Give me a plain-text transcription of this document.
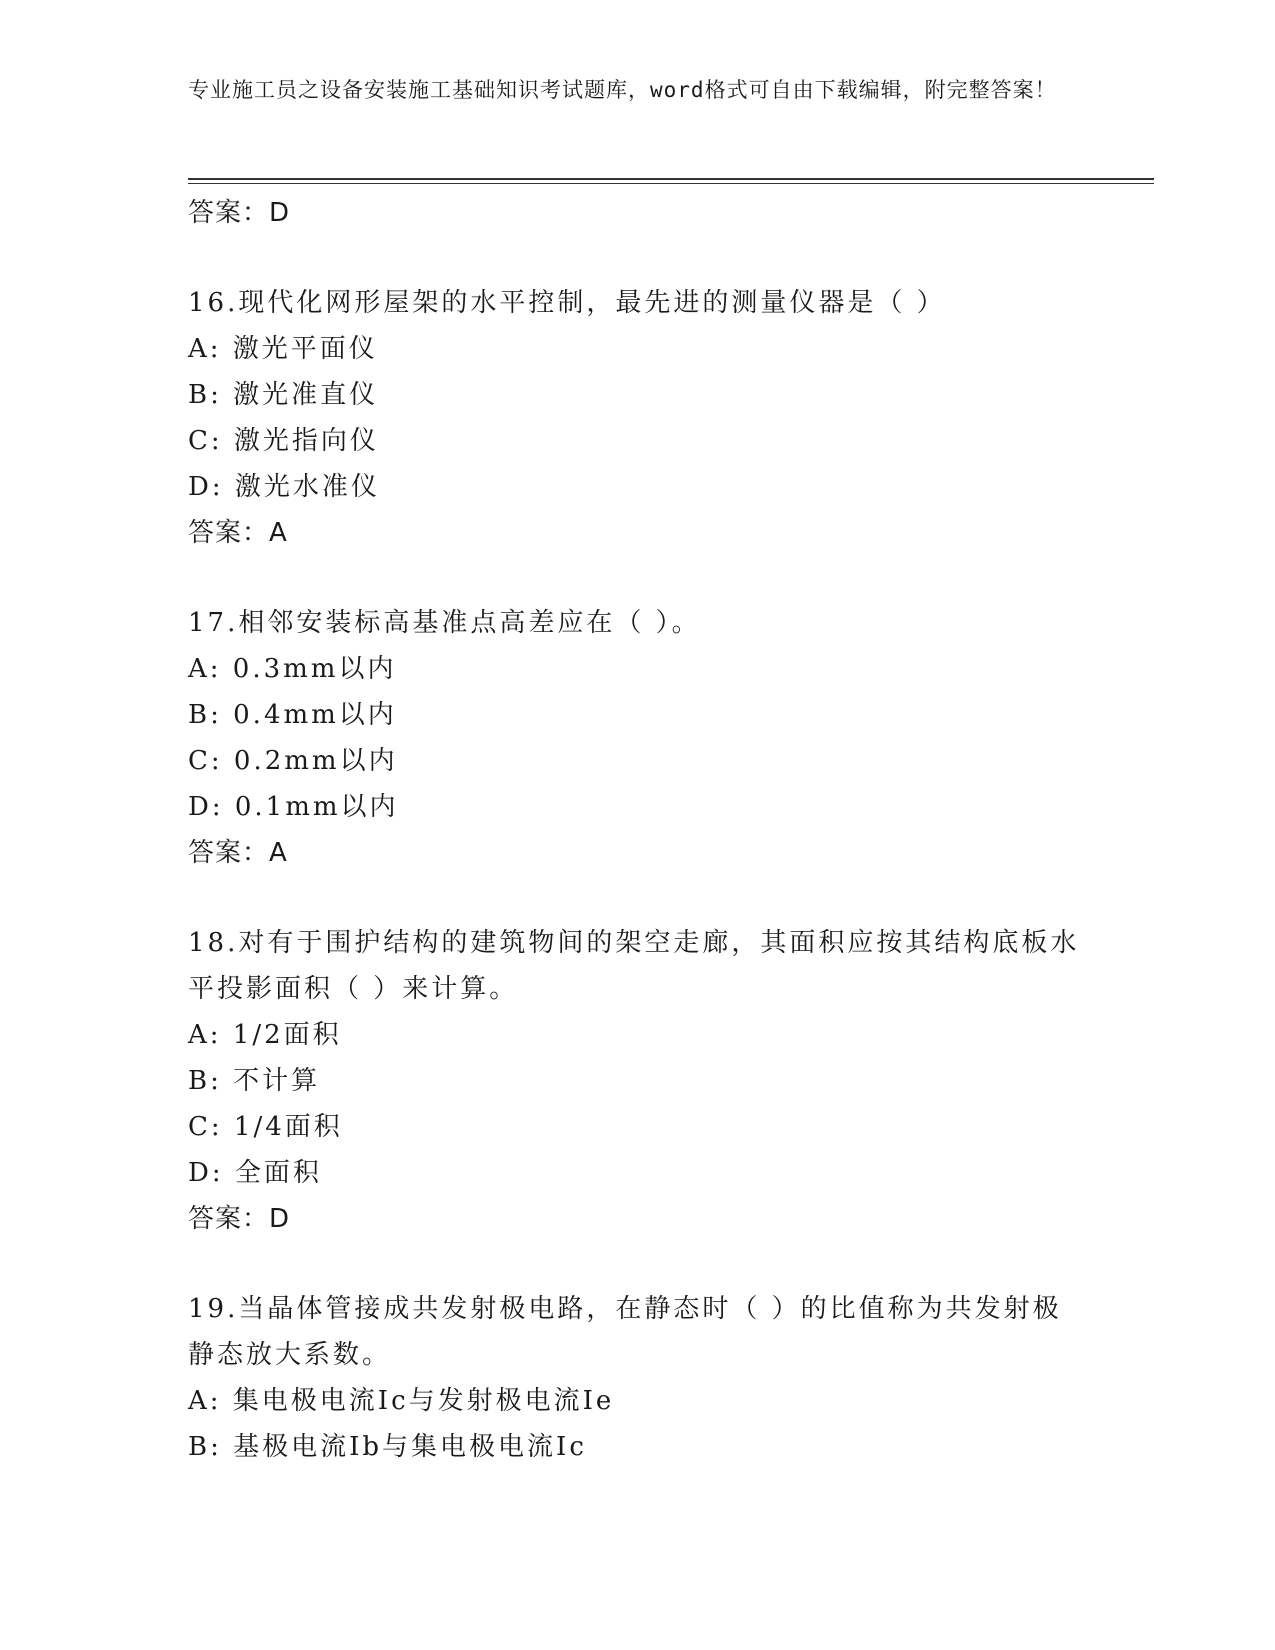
专业施工员之设备安装施工基础知识考试题库，word格式可自由下载编辑，附完整答案！
答案：D
16.现代化网形屋架的水平控制，最先进的测量仪器是（ ）
A: 激光平面仪
B: 激光准直仪
C: 激光指向仪
D: 激光水准仪
答案：A
17.相邻安装标高基准点高差应在（ ）。
A: 0.3mm以内
B: 0.4mm以内
C: 0.2mm以内
D: 0.1mm以内
答案：A
18.对有于围护结构的建筑物间的架空走廊，其面积应按其结构底板水平投影面积（ ）来计算。
A: 1/2面积
B: 不计算
C: 1/4面积
D: 全面积
答案：D
19.当晶体管接成共发射极电路，在静态时（ ）的比值称为共发射极静态放大系数。
A: 集电极电流Ic与发射极电流Ie
B: 基极电流Ib与集电极电流Ic
